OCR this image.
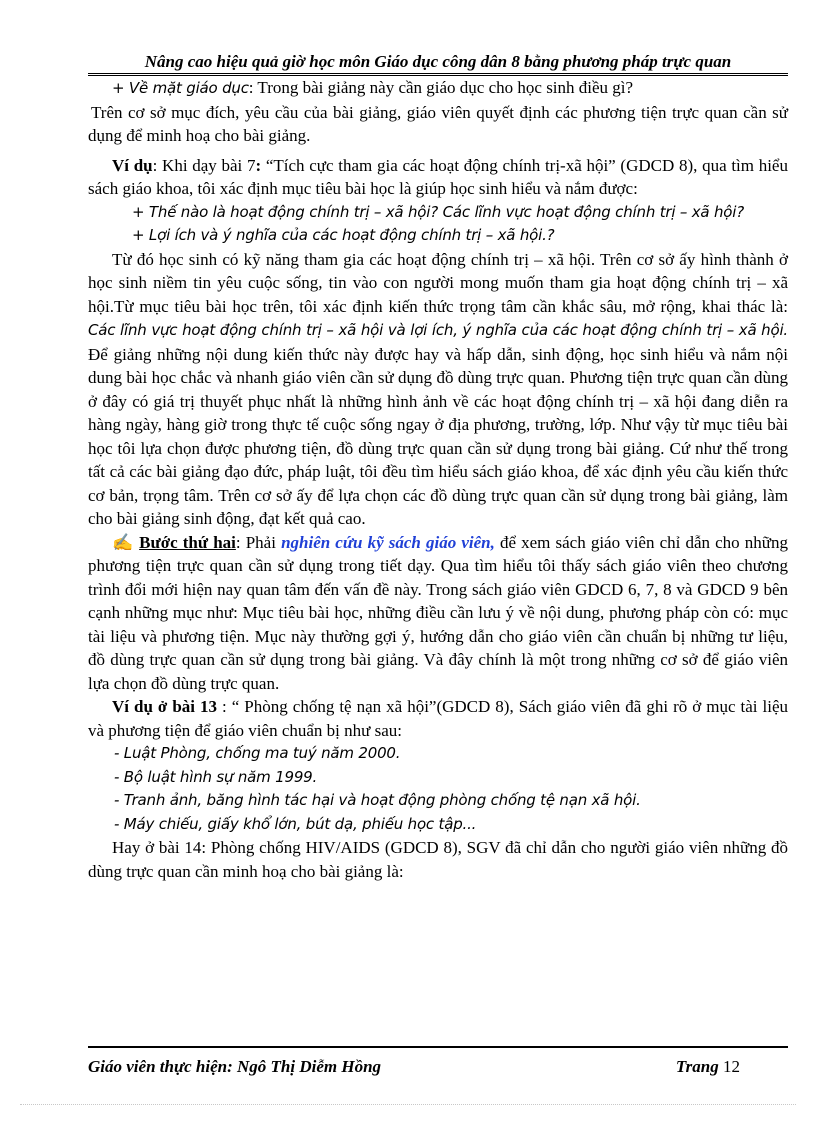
Nâng cao hiệu quả giờ học môn Giáo dục công dân 8 bằng phương pháp trực quan

+ Về mặt giáo dục: Trong bài giảng này cần giáo dục cho học sinh điều gì?

Trên cơ sở mục đích, yêu cầu của bài giảng, giáo viên quyết định các phương tiện trực quan cần sử dụng để minh hoạ cho bài giảng.

Ví dụ: Khi dạy bài 7: “Tích cực tham gia các hoạt động chính trị-xã hội” (GDCD 8), qua tìm hiểu sách giáo khoa, tôi xác định mục tiêu bài học là giúp học sinh hiểu và nắm được:

+ Thế nào là hoạt động chính trị – xã hội? Các lĩnh vực hoạt động chính trị – xã hội?

+ Lợi ích và ý nghĩa của các hoạt động chính trị – xã hội.?

Từ đó học sinh có kỹ năng tham gia các hoạt động chính trị – xã hội. Trên cơ sở ấy hình thành ở học sinh niềm tin yêu cuộc sống, tin vào con người mong muốn tham gia hoạt động chính trị – xã hội.Từ mục tiêu bài học trên, tôi xác định kiến thức trọng tâm cần khắc sâu, mở rộng, khai thác là: Các lĩnh vực hoạt động chính trị – xã hội và lợi ích, ý nghĩa của các hoạt động chính trị – xã hội. Để giảng những nội dung kiến thức này được hay và hấp dẫn, sinh động, học sinh hiểu và nắm nội dung bài học chắc và nhanh giáo viên cần sử dụng đồ dùng trực quan. Phương tiện trực quan cần dùng ở đây có giá trị thuyết phục nhất là những hình ảnh về các hoạt động chính trị – xã hội đang diễn ra hàng ngày, hàng giờ trong thực tế cuộc sống ngay ở địa phương, trường, lớp. Như vậy từ mục tiêu bài học tôi lựa chọn được phương tiện, đồ dùng trực quan cần sử dụng trong bài giảng. Cứ như thế trong tất cả các bài giảng đạo đức, pháp luật, tôi đều tìm hiểu sách giáo khoa, để xác định yêu cầu kiến thức cơ bản, trọng tâm. Trên cơ sở ấy để lựa chọn các đồ dùng trực quan cần sử dụng trong bài giảng, làm cho bài giảng sinh động, đạt kết quả cao.

✍ Bước thứ hai: Phải nghiên cứu kỹ sách giáo viên, để xem sách giáo viên chỉ dẫn cho những phương tiện trực quan cần sử dụng trong tiết dạy. Qua tìm hiểu tôi thấy sách giáo viên theo chương trình đổi mới hiện nay quan tâm đến vấn đề này. Trong sách giáo viên GDCD 6, 7, 8 và GDCD 9 bên cạnh những mục như: Mục tiêu bài học, những điều cần lưu ý về nội dung, phương pháp còn có: mục tài liệu và phương tiện. Mục này thường gợi ý, hướng dẫn cho giáo viên cần chuẩn bị những tư liệu, đồ dùng trực quan cần sử dụng trong bài giảng. Và đây chính là một trong những cơ sở để giáo viên lựa chọn đồ dùng trực quan.

Ví dụ ở bài 13 : “ Phòng chống tệ nạn xã hội”(GDCD 8), Sách giáo viên đã ghi rõ ở mục tài liệu và phương tiện để giáo viên chuẩn bị như sau:

- Luật Phòng, chống ma tuý năm 2000.

- Bộ luật hình sự năm 1999.

- Tranh ảnh, băng hình tác hại và hoạt động phòng chống tệ nạn xã hội.

- Máy chiếu, giấy khổ lớn, bút dạ, phiếu học tập...

Hay ở bài 14: Phòng chống HIV/AIDS (GDCD 8), SGV đã chỉ dẫn cho người giáo viên những đồ dùng trực quan cần minh hoạ cho bài giảng là:

Giáo viên thực hiện: Ngô Thị Diễm Hồng	Trang 12
